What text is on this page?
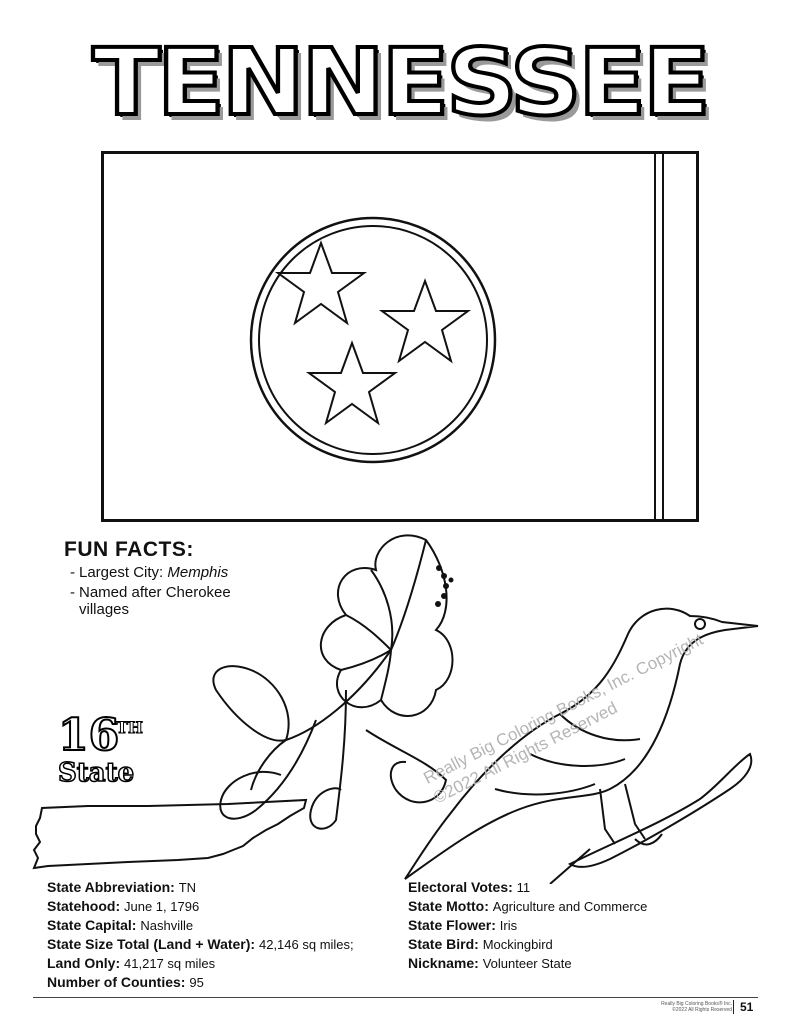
TENNESSEE
FUN FACTS:
- Largest City: Memphis
- Named after Cherokee villages
16
TH
State	Really Big Coloring Books, Inc. Copyright ©2022 All Rights Reserved
State Abbreviation: TN
Statehood: June 1, 1796
State Capital: Nashville
State Size Total (Land + Water): 42,146 sq miles;
Land Only: 41,217 sq miles
Number of Counties: 95
Electoral Votes: 11
State Motto: Agriculture and Commerce
State Flower: Iris
State Bird: Mockingbird
Nickname: Volunteer State
Really Big Coloring Books® Inc.
©2022 All Rights Reserved 51
